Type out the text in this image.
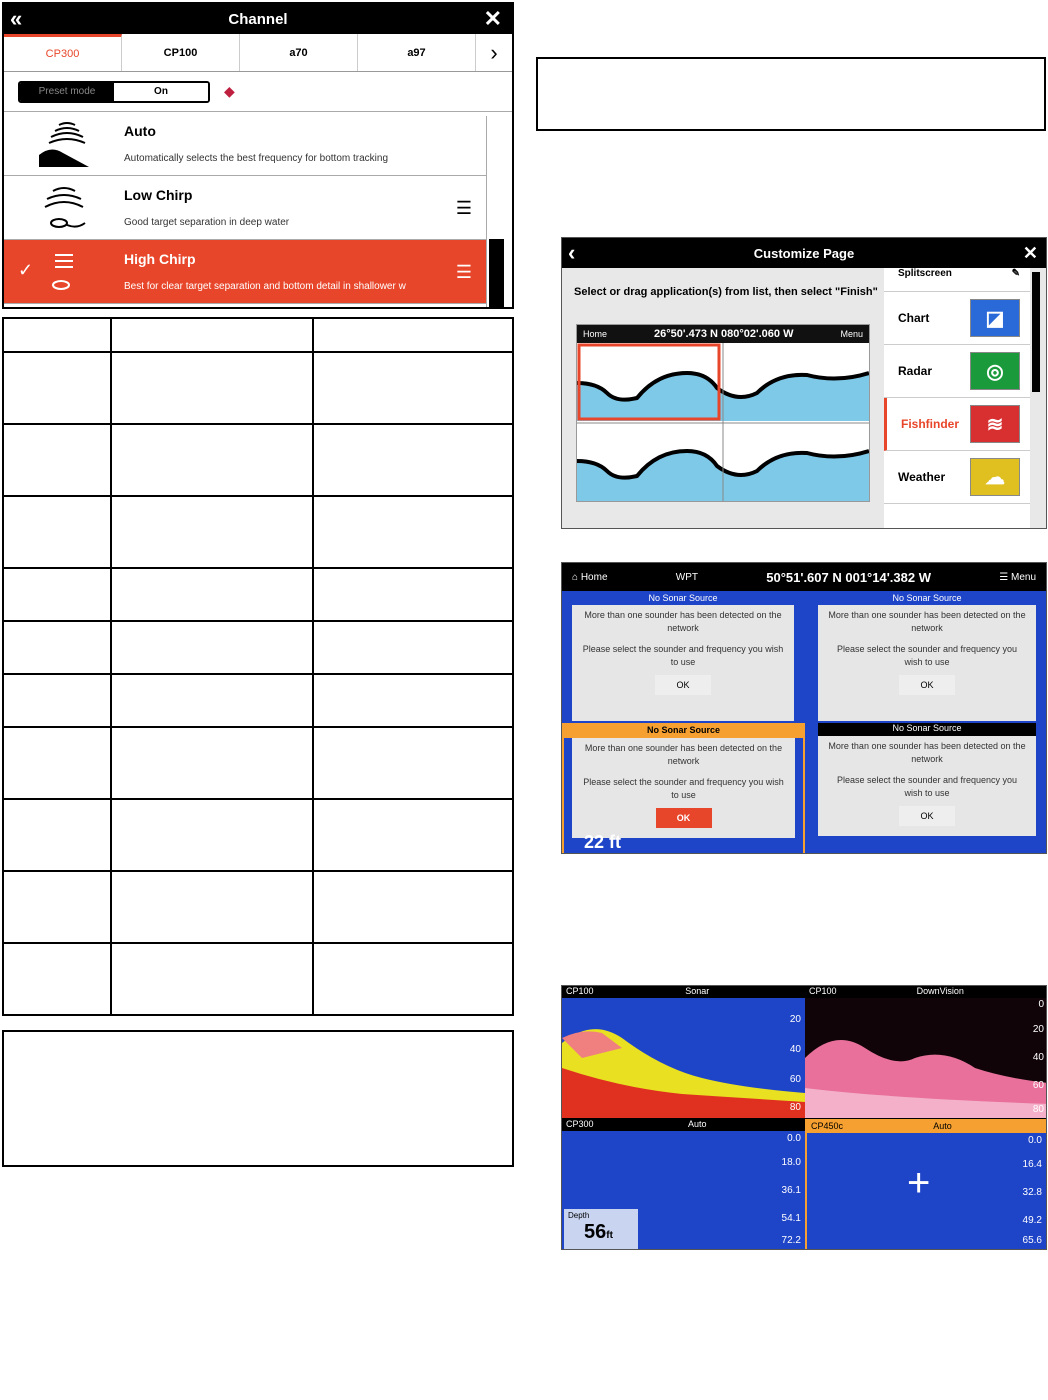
«	Channel	✕
CP300	CP100	a70	a97	›
Preset mode	On	◆
Auto
Automatically selects the best frequency for bottom tracking
Low Chirp
Good target separation in deep water
☰
✓
High Chirp
Best for clear target separation and bottom detail in shallower w
☰

‹	Customize Page	✕
Select or drag application(s) from list, then select "Finish"
Home	26°50'.473 N 080°02'.060 W	Menu
Splitscreen	✎
Chart	◪
Radar	◎
Fishfinder	≋
Weather	☁
⌂ Home	WPT	50°51'.607 N 001°14'.382 W	☰ Menu
No Sonar Source
More than one sounder has been detected on the network
Please select the sounder and frequency you wish to use
OK
No Sonar Source
More than one sounder has been detected on the network
Please select the sounder and frequency you wish to use
OK
No Sonar Source
More than one sounder has been detected on the network
Please select the sounder and frequency you wish to use
OK
22 ft
No Sonar Source
More than one sounder has been detected on the network
Please select the sounder and frequency you wish to use
OK
CP100	Sonar
20
40
60
80
CP100	DownVision
0
20
40
60
80
CP300	Auto
0.0
18.0
36.1
54.1
72.2
Depth
56ft
CP450c	Auto
+
0.0
16.4
32.8
49.2
65.6
